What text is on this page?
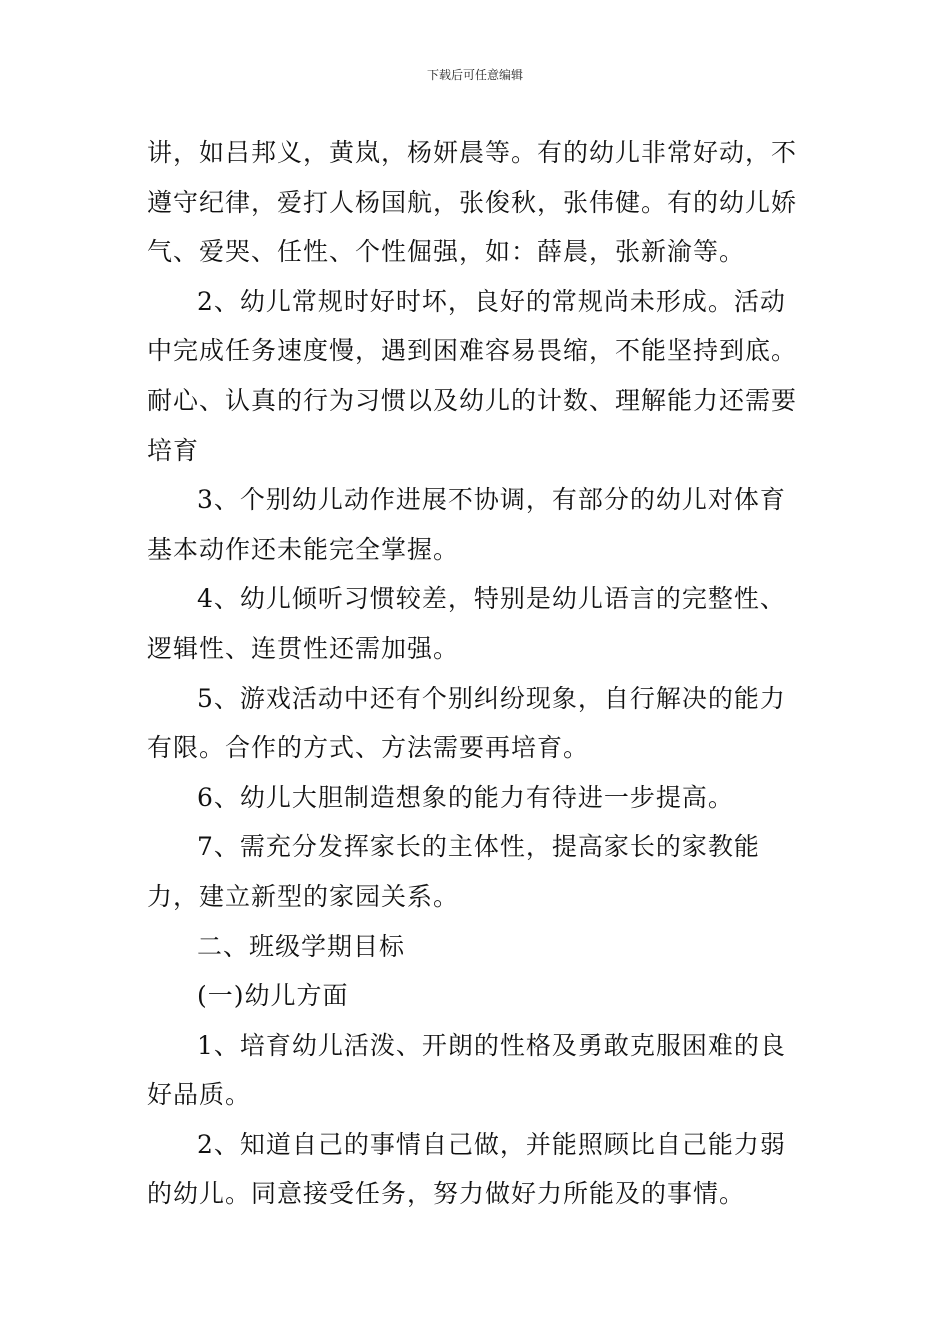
下载后可任意编辑

讲，如吕邦义，黄岚，杨妍晨等。有的幼儿非常好动，不遵守纪律，爱打人杨国航，张俊秋，张伟健。有的幼儿娇气、爱哭、任性、个性倔强，如：薛晨，张新渝等。

2、幼儿常规时好时坏，良好的常规尚未形成。活动中完成任务速度慢，遇到困难容易畏缩，不能坚持到底。耐心、认真的行为习惯以及幼儿的计数、理解能力还需要培育

3、个别幼儿动作进展不协调，有部分的幼儿对体育基本动作还未能完全掌握。

4、幼儿倾听习惯较差，特别是幼儿语言的完整性、逻辑性、连贯性还需加强。

5、游戏活动中还有个别纠纷现象，自行解决的能力有限。合作的方式、方法需要再培育。

6、幼儿大胆制造想象的能力有待进一步提高。

7、需充分发挥家长的主体性，提高家长的家教能力，建立新型的家园关系。

二、班级学期目标

(一)幼儿方面

1、培育幼儿活泼、开朗的性格及勇敢克服困难的良好品质。

2、知道自己的事情自己做，并能照顾比自己能力弱的幼儿。同意接受任务，努力做好力所能及的事情。
